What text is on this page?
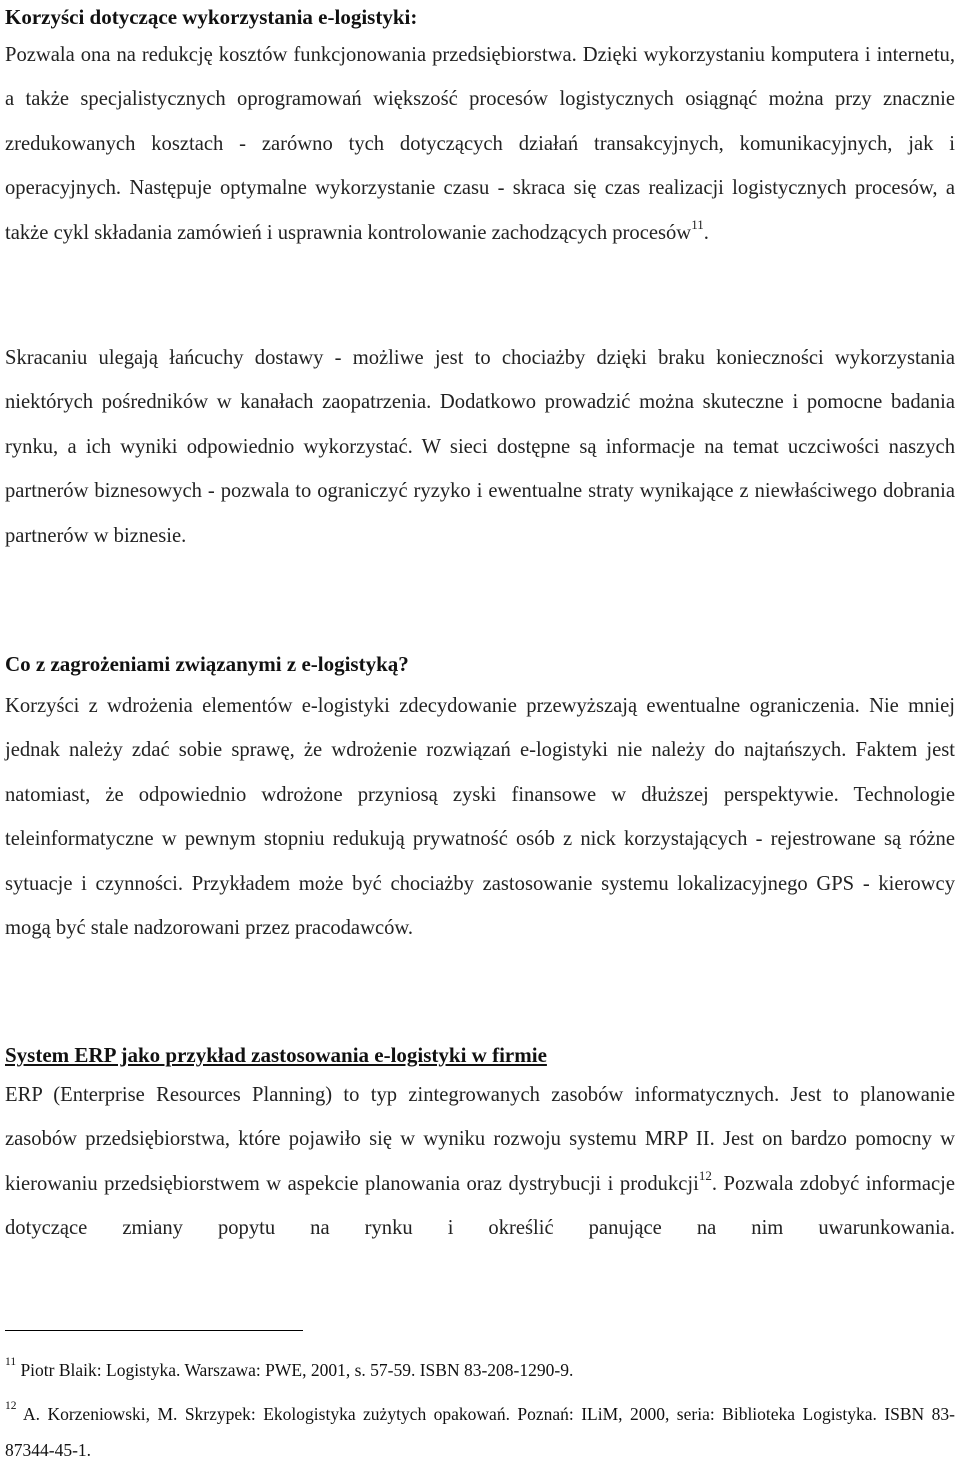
Korzyści dotyczące wykorzystania e-logistyki:

Pozwala ona na redukcję kosztów funkcjonowania przedsiębiorstwa. Dzięki wykorzystaniu komputera i internetu, a także specjalistycznych oprogramowań większość procesów logistycznych osiągnąć można przy znacznie zredukowanych kosztach - zarówno tych dotyczących działań transakcyjnych, komunikacyjnych, jak i operacyjnych. Następuje optymalne wykorzystanie czasu - skraca się czas realizacji logistycznych procesów, a także cykl składania zamówień i usprawnia kontrolowanie zachodzących procesów$^{11}$.

Skracaniu ulegają łańcuchy dostawy - możliwe jest to chociażby dzięki braku konieczności wykorzystania niektórych pośredników w kanałach zaopatrzenia. Dodatkowo prowadzić można skuteczne i pomocne badania rynku, a ich wyniki odpowiednio wykorzystać. W sieci dostępne są informacje na temat uczciwości naszych partnerów biznesowych - pozwala to ograniczyć ryzyko i ewentualne straty wynikające z niewłaściwego dobrania partnerów w biznesie.

Co z zagrożeniami związanymi z e-logistyką?

Korzyści z wdrożenia elementów e-logistyki zdecydowanie przewyższają ewentualne ograniczenia. Nie mniej jednak należy zdać sobie sprawę, że wdrożenie rozwiązań e-logistyki nie należy do najtańszych. Faktem jest natomiast, że odpowiednio wdrożone przyniosą zyski finansowe w dłuższej perspektywie. Technologie teleinformatyczne w pewnym stopniu redukują prywatność osób z nick korzystających - rejestrowane są różne sytuacje i czynności. Przykładem może być chociażby zastosowanie systemu lokalizacyjnego GPS - kierowcy mogą być stale nadzorowani przez pracodawców.

System ERP jako przykład zastosowania e-logistyki w firmie

ERP (Enterprise Resources Planning) to typ zintegrowanych zasobów informatycznych. Jest to planowanie zasobów przedsiębiorstwa, które pojawiło się w wyniku rozwoju systemu MRP II. Jest on bardzo pomocny w kierowaniu przedsiębiorstwem w aspekcie planowania oraz dystrybucji i produkcji$^{12}$. Pozwala zdobyć informacje dotyczące zmiany popytu na rynku i określić panujące na nim uwarunkowania.

$^{11}$ Piotr Blaik: Logistyka. Warszawa: PWE, 2001, s. 57-59. ISBN 83-208-1290-9.

$^{12}$ A. Korzeniowski, M. Skrzypek: Ekologistyka zużytych opakowań. Poznań: ILiM, 2000, seria: Biblioteka Logistyka. ISBN 83-87344-45-1.
